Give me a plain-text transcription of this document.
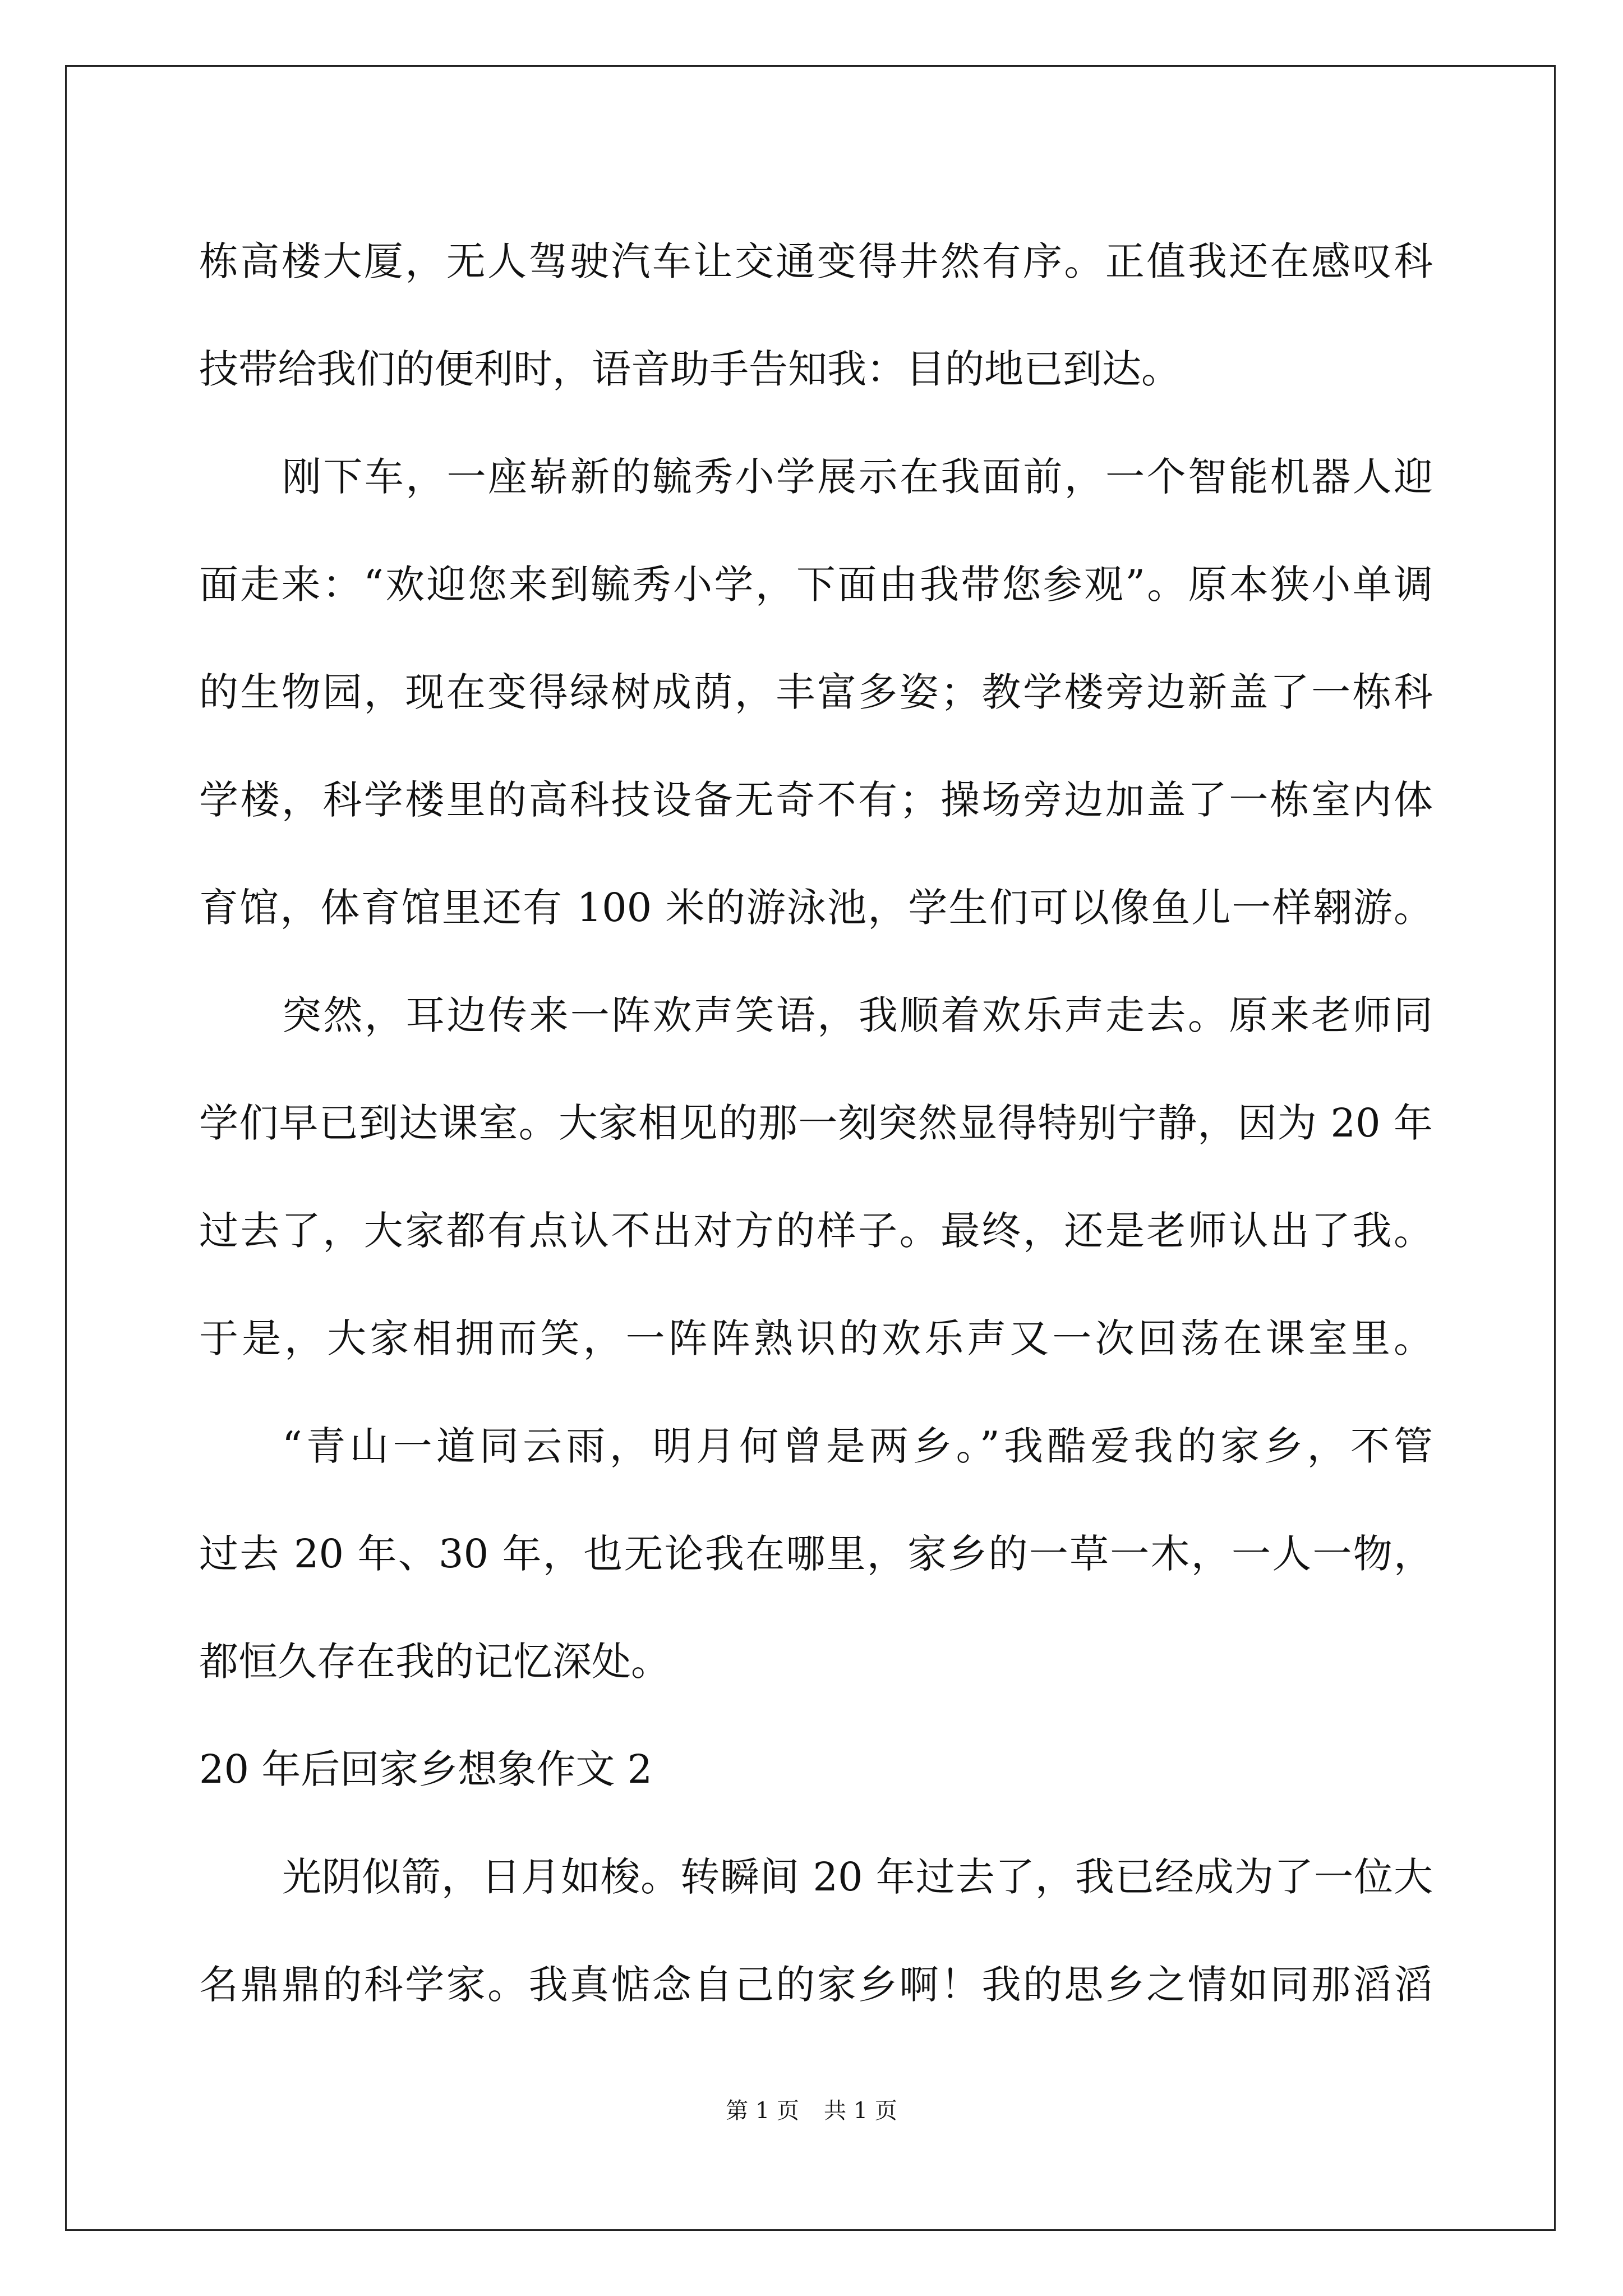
栋高楼大厦，无人驾驶汽车让交通变得井然有序。正值我还在感叹科
技带给我们的便利时，语音助手告知我：目的地已到达。
刚下车，一座崭新的毓秀小学展示在我面前，一个智能机器人迎
面走来：“欢迎您来到毓秀小学，下面由我带您参观”。原本狭小单调
的生物园，现在变得绿树成荫，丰富多姿；教学楼旁边新盖了一栋科
学楼，科学楼里的高科技设备无奇不有；操场旁边加盖了一栋室内体
育馆，体育馆里还有 100 米的游泳池，学生们可以像鱼儿一样翱游。
突然，耳边传来一阵欢声笑语，我顺着欢乐声走去。原来老师同
学们早已到达课室。大家相见的那一刻突然显得特别宁静，因为 20 年
过去了，大家都有点认不出对方的样子。最终，还是老师认出了我。
于是，大家相拥而笑，一阵阵熟识的欢乐声又一次回荡在课室里。
“青山一道同云雨，明月何曾是两乡。”我酷爱我的家乡，不管
过去 20 年、30 年，也无论我在哪里，家乡的一草一木，一人一物，
都恒久存在我的记忆深处。
20 年后回家乡想象作文 2
光阴似箭，日月如梭。转瞬间 20 年过去了，我已经成为了一位大
名鼎鼎的科学家。我真惦念自己的家乡啊！我的思乡之情如同那滔滔
第 1 页 共 1 页
